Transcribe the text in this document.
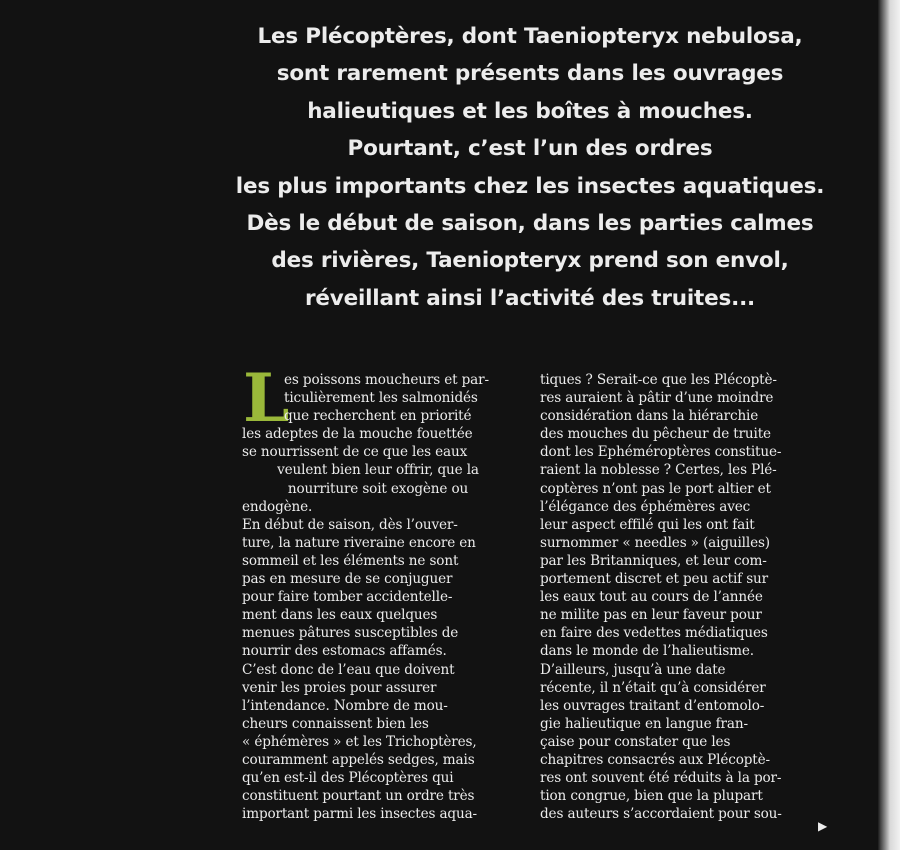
Les Plécoptères, dont Taeniopteryx nebulosa,
sont rarement présents dans les ouvrages
halieutiques et les boîtes à mouches.
Pourtant, c’est l’un des ordres
les plus importants chez les insectes aquatiques.
Dès le début de saison, dans les parties calmes
des rivières, Taeniopteryx prend son envol,
réveillant ainsi l’activité des truites...
L
es poissons moucheurs et par-
ticulièrement les salmonidés
que recherchent en priorité
les adeptes de la mouche fouettée
se nourrissent de ce que les eaux
veulent bien leur offrir, que la
nourriture soit exogène ou
endogène.
En début de saison, dès l’ouver-
ture, la nature riveraine encore en
sommeil et les éléments ne sont
pas en mesure de se conjuguer
pour faire tomber accidentelle-
ment dans les eaux quelques
menues pâtures susceptibles de
nourrir des estomacs affamés.
C’est donc de l’eau que doivent
venir les proies pour assurer
l’intendance. Nombre de mou-
cheurs connaissent bien les
« éphémères » et les Trichoptères,
couramment appelés sedges, mais
qu’en est-il des Plécoptères qui
constituent pourtant un ordre très
important parmi les insectes aqua-
tiques ? Serait-ce que les Plécoptè-
res auraient à pâtir d’une moindre
considération dans la hiérarchie
des mouches du pêcheur de truite
dont les Ephéméroptères constitue-
raient la noblesse ? Certes, les Plé-
coptères n’ont pas le port altier et
l’élégance des éphémères avec
leur aspect effilé qui les ont fait
surnommer « needles » (aiguilles)
par les Britanniques, et leur com-
portement discret et peu actif sur
les eaux tout au cours de l’année
ne milite pas en leur faveur pour
en faire des vedettes médiatiques
dans le monde de l’halieutisme.
D’ailleurs, jusqu’à une date
récente, il n’était qu’à considérer
les ouvrages traitant d’entomolo-
gie halieutique en langue fran-
çaise pour constater que les
chapitres consacrés aux Plécoptè-
res ont souvent été réduits à la por-
tion congrue, bien que la plupart
des auteurs s’accordaient pour sou-
▶
